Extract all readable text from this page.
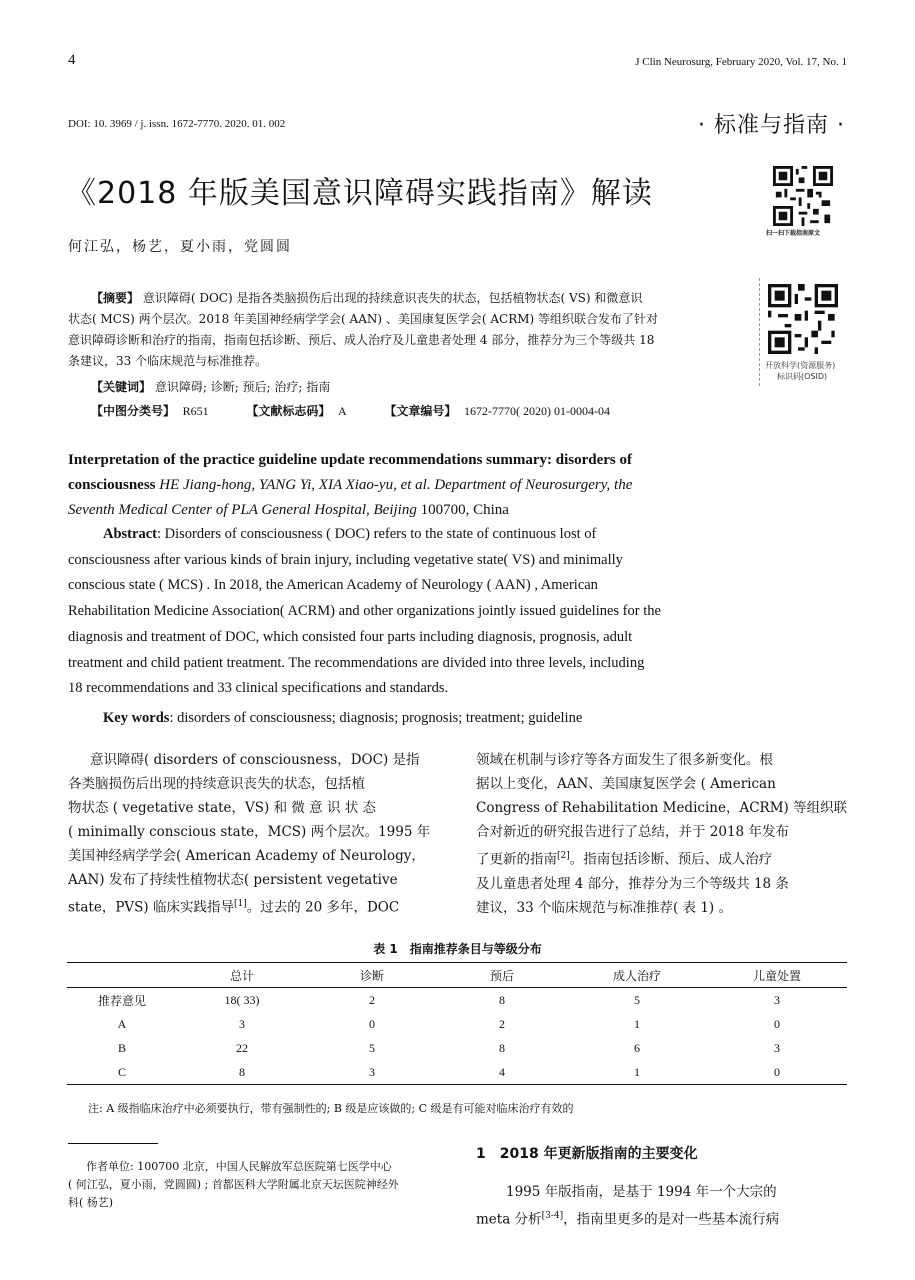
4	J Clin Neurosurg, February 2020, Vol. 17, No. 1
DOI: 10. 3969 / j. issn. 1672-7770. 2020. 01. 002	· 标准与指南 ·
《2018 年版美国意识障碍实践指南》解读
何江弘，杨艺，夏小雨，党圆圆
扫一扫下载指南原文
开放科学(资源服务)
标识码(OSID)
【摘要】 意识障碍( DOC) 是指各类脑损伤后出现的持续意识丧失的状态，包括植物状态( VS) 和微意识
状态( MCS) 两个层次。2018 年美国神经病学学会( AAN) 、美国康复医学会( ACRM) 等组织联合发布了针对
意识障碍诊断和治疗的指南，指南包括诊断、预后、成人治疗及儿童患者处理 4 部分，推荐分为三个等级共 18
条建议，33 个临床规范与标准推荐。
【关键词】 意识障碍; 诊断; 预后; 治疗; 指南
【中图分类号】 R651	【文献标志码】 A	【文章编号】 1672-7770( 2020) 01-0004-04
Interpretation of the practice guideline update recommendations summary: disorders of
consciousness HE Jiang-hong, YANG Yi, XIA Xiao-yu, et al. Department of Neurosurgery, the
Seventh Medical Center of PLA General Hospital, Beijing 100700, China
Abstract: Disorders of consciousness ( DOC) refers to the state of continuous lost of
consciousness after various kinds of brain injury, including vegetative state( VS) and minimally
conscious state ( MCS) . In 2018, the American Academy of Neurology ( AAN) , American
Rehabilitation Medicine Association( ACRM) and other organizations jointly issued guidelines for the
diagnosis and treatment of DOC, which consisted four parts including diagnosis, prognosis, adult
treatment and child patient treatment. The recommendations are divided into three levels, including
18 recommendations and 33 clinical specifications and standards.
Key words: disorders of consciousness; diagnosis; prognosis; treatment; guideline
意识障碍( disorders of consciousness，DOC) 是指
各类脑损伤后出现的持续意识丧失的状态，包括植
物状态 ( vegetative state，VS) 和 微 意 识 状 态
( minimally conscious state，MCS) 两个层次。1995 年
美国神经病学学会( American Academy of Neurology，
AAN) 发布了持续性植物状态( persistent vegetative
state，PVS) 临床实践指导[1]。过去的 20 多年，DOC
领域在机制与诊疗等各方面发生了很多新变化。根
据以上变化，AAN、美国康复医学会 ( American
Congress of Rehabilitation Medicine，ACRM) 等组织联
合对新近的研究报告进行了总结，并于 2018 年发布
了更新的指南[2]。指南包括诊断、预后、成人治疗
及儿童患者处理 4 部分，推荐分为三个等级共 18 条
建议，33 个临床规范与标准推荐( 表 1) 。
表 1　指南推荐条目与等级分布
	总计	诊断	预后	成人治疗	儿童处置
推荐意见	18( 33)	2	8	5	3
A	3	0	2	1	0
B	22	5	8	6	3
C	8	3	4	1	0
注: A 级指临床治疗中必须要执行，带有强制性的; B 级是应该做的; C 级是有可能对临床治疗有效的
作者单位: 100700 北京，中国人民解放军总医院第七医学中心
( 何江弘，夏小雨，党圆圆) ; 首都医科大学附属北京天坛医院神经外
科( 杨艺)
1　2018 年更新版指南的主要变化
1995 年版指南，是基于 1994 年一个大宗的
meta 分析[3-4]，指南里更多的是对一些基本流行病
